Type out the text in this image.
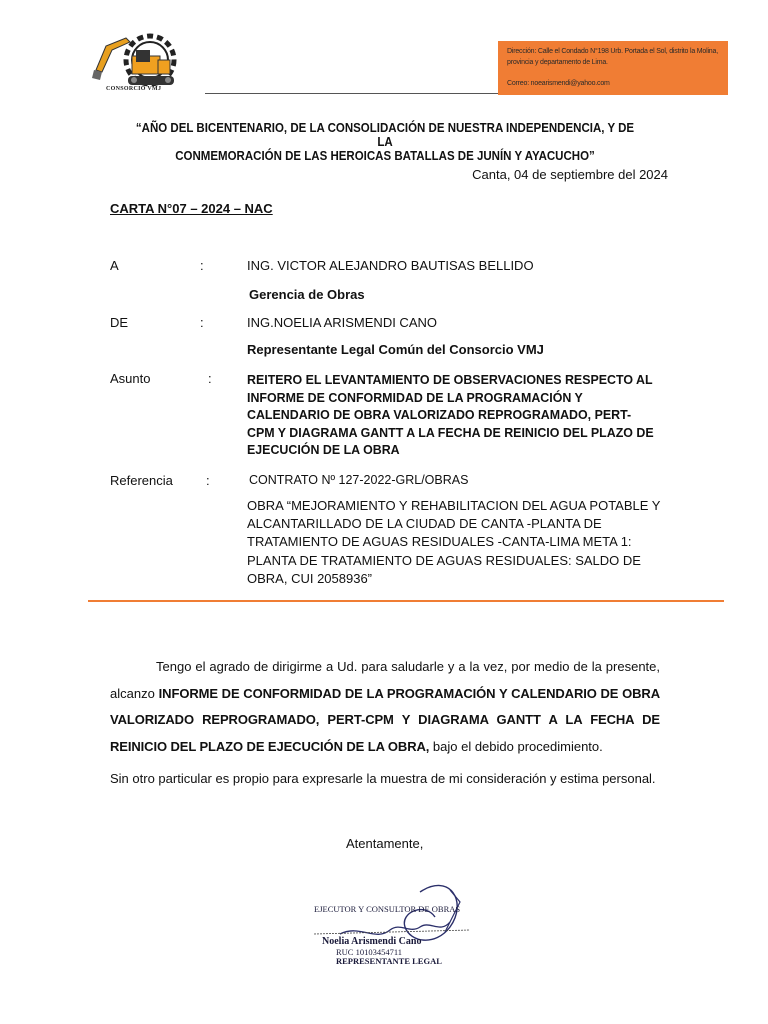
CONSORCIO VMJ
Dirección: Calle el Condado N°198 Urb. Portada el Sol, distrito la Molina,
provincia y departamento de Lima.
Correo: noearismendi@yahoo.com
“AÑO DEL BICENTENARIO, DE LA CONSOLIDACIÓN DE NUESTRA INDEPENDENCIA, Y DE LA
CONMEMORACIÓN DE LAS HEROICAS BATALLAS DE JUNÍN Y AYACUCHO”
Canta, 04 de septiembre del 2024
CARTA N°07 – 2024 – NAC
A	:	ING. VICTOR ALEJANDRO BAUTISAS BELLIDO
Gerencia de Obras
DE	:	ING.NOELIA ARISMENDI CANO
Representante Legal Común del Consorcio VMJ
Asunto	:	REITERO EL LEVANTAMIENTO DE OBSERVACIONES RESPECTO AL INFORME DE CONFORMIDAD DE LA PROGRAMACIÓN Y CALENDARIO DE OBRA VALORIZADO REPROGRAMADO, PERT-CPM Y DIAGRAMA GANTT A LA FECHA DE REINICIO DEL PLAZO DE EJECUCIÓN DE LA OBRA
Referencia	:	CONTRATO Nº 127-2022-GRL/OBRAS
OBRA “MEJORAMIENTO Y REHABILITACION DEL AGUA POTABLE Y ALCANTARILLADO DE LA CIUDAD DE CANTA -PLANTA DE TRATAMIENTO DE AGUAS RESIDUALES -CANTA-LIMA META 1: PLANTA DE TRATAMIENTO DE AGUAS RESIDUALES: SALDO DE OBRA, CUI 2058936”
Tengo el agrado de dirigirme a Ud. para saludarle y a la vez, por medio de la presente, alcanzo INFORME DE CONFORMIDAD DE LA PROGRAMACIÓN Y CALENDARIO DE OBRA VALORIZADO REPROGRAMADO, PERT-CPM Y DIAGRAMA GANTT A LA FECHA DE REINICIO DEL PLAZO DE EJECUCIÓN DE LA OBRA, bajo el debido procedimiento.
Sin otro particular es propio para expresarle la muestra de mi consideración y estima personal.
Atentamente,
EJECUTOR Y CONSULTOR DE OBRAS
Noelia Arismendi Cano
RUC 10103454711
REPRESENTANTE LEGAL
